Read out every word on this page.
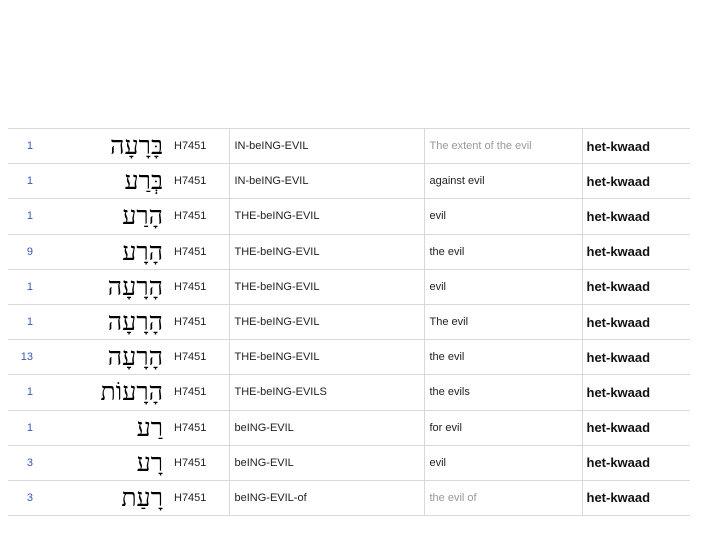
1	בָּרָעָה	H7451	IN-beING-EVIL	The extent of the evil	het-kwaad
1	בְּרַע	H7451	IN-beING-EVIL	against evil	het-kwaad
1	הָרַע	H7451	THE-beING-EVIL	evil	het-kwaad
9	הָרָע	H7451	THE-beING-EVIL	the evil	het-kwaad
1	הָרָעָה	H7451	THE-beING-EVIL	evil	het-kwaad
1	הָרָעָה	H7451	THE-beING-EVIL	The evil	het-kwaad
13	הָרָעָה	H7451	THE-beING-EVIL	the evil	het-kwaad
1	הָרָעוֹת	H7451	THE-beING-EVILS	the evils	het-kwaad
1	רַע	H7451	beING-EVIL	for evil	het-kwaad
3	רָע	H7451	beING-EVIL	evil	het-kwaad
3	רָעַת	H7451	beING-EVIL-of	the evil of	het-kwaad
